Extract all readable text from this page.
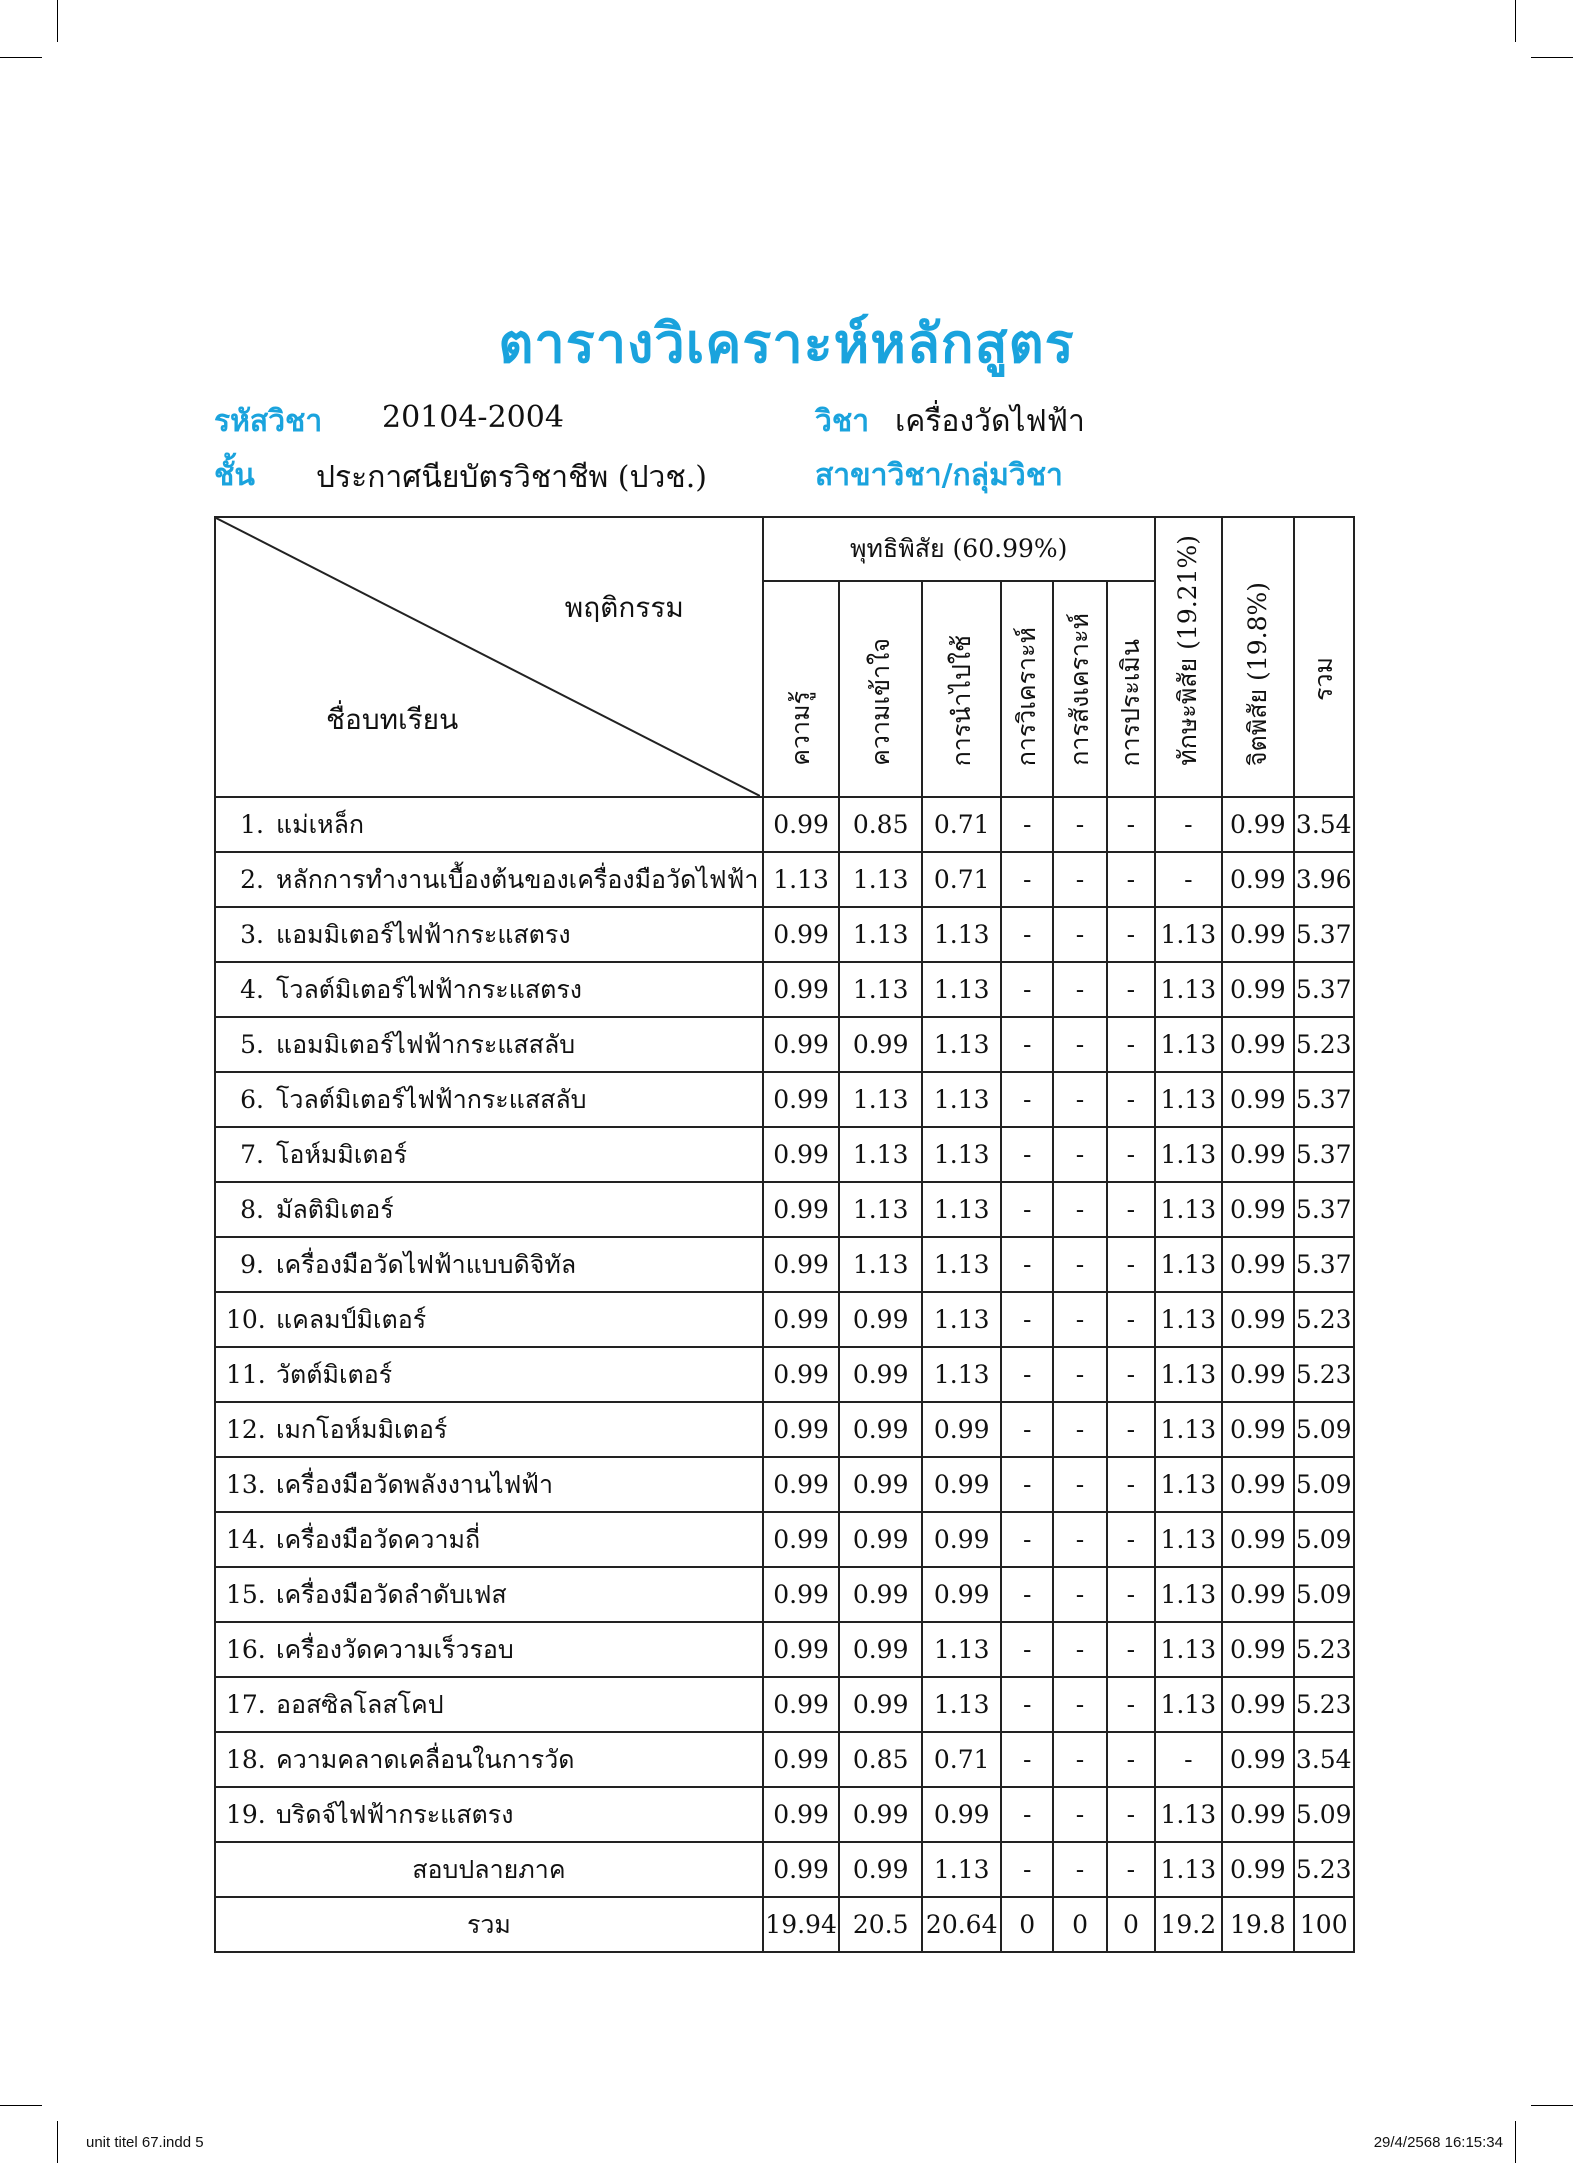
ตารางวิเคราะห์หลักสูตร
รหัสวิชา 20104-2004	วิชา เครื่องวัดไฟฟ้า
ชั้น ประกาศนียบัตรวิชาชีพ (ปวช.)	สาขาวิชา/กลุ่มวิชา
พฤติกรรม
ชื่อบทเรียน	พุทธิพิสัย (60.99%)						ทักษะพิสัย (19.21%)	จิตพิสัย (19.8%)	รวม

	ความรู้	ความเข้าใจ	การนำไปใช้	การวิเคราะห์	การสังเคราะห์	การประเมิน			

1. แม่เหล็ก	0.99	0.85	0.71	-	-	-	-	0.99	3.54
2. หลักการทำงานเบื้องต้นของเครื่องมือวัดไฟฟ้า	1.13	1.13	0.71	-	-	-	-	0.99	3.96
3. แอมมิเตอร์ไฟฟ้ากระแสตรง	0.99	1.13	1.13	-	-	-	1.13	0.99	5.37
4. โวลต์มิเตอร์ไฟฟ้ากระแสตรง	0.99	1.13	1.13	-	-	-	1.13	0.99	5.37
5. แอมมิเตอร์ไฟฟ้ากระแสสลับ	0.99	0.99	1.13	-	-	-	1.13	0.99	5.23
6. โวลต์มิเตอร์ไฟฟ้ากระแสสลับ	0.99	1.13	1.13	-	-	-	1.13	0.99	5.37
7. โอห์มมิเตอร์	0.99	1.13	1.13	-	-	-	1.13	0.99	5.37
8. มัลติมิเตอร์	0.99	1.13	1.13	-	-	-	1.13	0.99	5.37
9. เครื่องมือวัดไฟฟ้าแบบดิจิทัล	0.99	1.13	1.13	-	-	-	1.13	0.99	5.37
10. แคลมป์มิเตอร์	0.99	0.99	1.13	-	-	-	1.13	0.99	5.23
11. วัตต์มิเตอร์	0.99	0.99	1.13	-	-	-	1.13	0.99	5.23
12. เมกโอห์มมิเตอร์	0.99	0.99	0.99	-	-	-	1.13	0.99	5.09
13. เครื่องมือวัดพลังงานไฟฟ้า	0.99	0.99	0.99	-	-	-	1.13	0.99	5.09
14. เครื่องมือวัดความถี่	0.99	0.99	0.99	-	-	-	1.13	0.99	5.09
15. เครื่องมือวัดลำดับเฟส	0.99	0.99	0.99	-	-	-	1.13	0.99	5.09
16. เครื่องวัดความเร็วรอบ	0.99	0.99	1.13	-	-	-	1.13	0.99	5.23
17. ออสซิลโลสโคป	0.99	0.99	1.13	-	-	-	1.13	0.99	5.23
18. ความคลาดเคลื่อนในการวัด	0.99	0.85	0.71	-	-	-	-	0.99	3.54
19. บริดจ์ไฟฟ้ากระแสตรง	0.99	0.99	0.99	-	-	-	1.13	0.99	5.09
สอบปลายภาค	0.99	0.99	1.13	-	-	-	1.13	0.99	5.23
รวม	19.94	20.5	20.64	0	0	0	19.2	19.8	100
unit titel 67.indd 5	29/4/2568 16:15:34
